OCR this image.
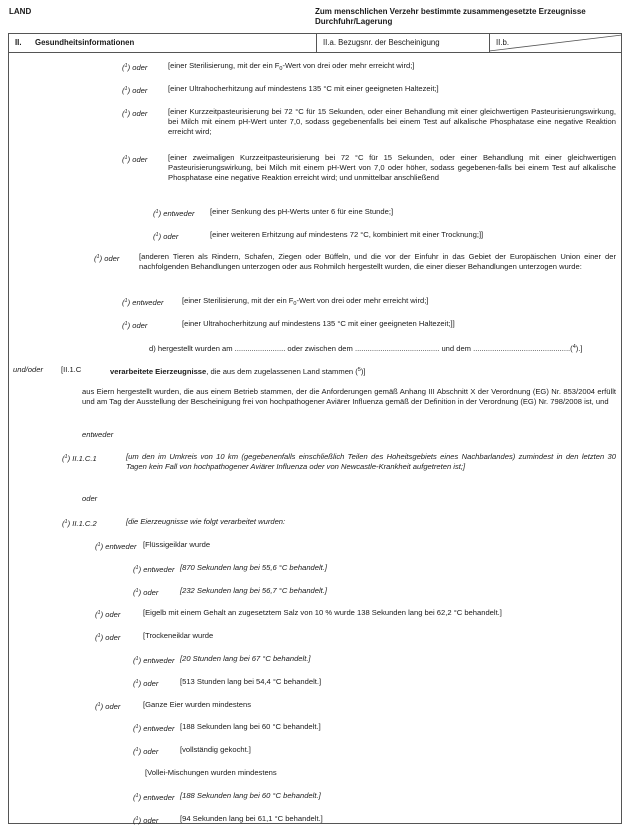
LAND	Zum menschlichen Verzehr bestimmte zusammengesetzte Erzeugnisse
Durchfuhr/Lagerung
II. Gesundheitsinformationen	II.a. Bezugsnr. der Bescheinigung	II.b.
($^1$) oder	[einer Sterilisierung, mit der ein $F_0$-Wert von drei oder mehr erreicht wird;]
($^1$) oder	[einer Ultrahocherhitzung auf mindestens 135 °C mit einer geeigneten Haltezeit;]
($^1$) oder	[einer Kurzzeitpasteurisierung bei 72 °C für 15 Sekunden, oder einer Behandlung mit einer gleichwertigen Pasteurisierungswirkung, bei Milch mit einem pH-Wert unter 7,0, sodass gegebenenfalls bei einem Test auf alkalische Phosphatase eine negative Reaktion erreicht wird;
($^1$) oder	[einer zweimaligen Kurzzeitpasteurisierung bei 72 °C für 15 Sekunden, oder einer Behandlung mit einer gleichwertigen Pasteurisierungswirkung, bei Milch mit einem pH-Wert von 7,0 oder höher, sodass gegebenen-falls bei einem Test auf alkalische Phosphatase eine negative Reaktion erreicht wird; und unmittelbar anschließend
($^1$) entweder [einer Senkung des pH-Werts unter 6 für eine Stunde;]
($^1$) oder	[einer weiteren Erhitzung auf mindestens 72 °C, kombiniert mit einer Trocknung;]]
($^1$) oder	[anderen Tieren als Rindern, Schafen, Ziegen oder Büffeln, und die vor der Einfuhr in das Gebiet der Europäischen Union einer der nachfolgenden Behandlungen unterzogen oder aus Rohmilch hergestellt wurden, die einer dieser Behandlungen unterzogen wurde:
($^1$) entweder [einer Sterilisierung, mit der ein $F_0$-Wert von drei oder mehr erreicht wird;]
($^1$) oder	[einer Ultrahocherhitzung auf mindestens 135 °C mit einer geeigneten Haltezeit;]]
d) hergestellt wurden am ........................ oder zwischen dem ........................................ und dem ..............................................($^4$).]
und/oder [II.1.C	verarbeitete Eierzeugnisse, die aus dem zugelassenen Land stammen ($^5$)]
aus Eiern hergestellt wurden, die aus einem Betrieb stammen, der die Anforderungen gemäß Anhang III Abschnitt X der Verordnung (EG) Nr. 853/2004 erfüllt und am Tag der Ausstellung der Bescheinigung frei von hochpathogener Aviärer Influenza gemäß der Definition in der Verordnung (EG) Nr. 798/2008 ist, und
entweder
($^1$) II.1.C.1	[um den im Umkreis von 10 km (gegebenenfalls einschließlich Teilen des Hoheitsgebiets eines Nachbarlandes) zumindest in den letzten 30 Tagen kein Fall von hochpathogener Aviärer Influenza oder von Newcastle-Krankheit aufgetreten ist;]
oder
($^1$) II.1.C.2	[die Eierzeugnisse wie folgt verarbeitet wurden:
($^1$) entweder [Flüssigeiklar wurde
($^1$) entweder [870 Sekunden lang bei 55,6 °C behandelt.]
($^1$) oder	[232 Sekunden lang bei 56,7 °C behandelt.]
($^1$) oder	[Eigelb mit einem Gehalt an zugesetztem Salz von 10 % wurde 138 Sekunden lang bei 62,2 °C behandelt.]
($^1$) oder	[Trockeneiklar wurde
($^1$) entweder [20 Stunden lang bei 67 °C behandelt.]
($^1$) oder	[513 Stunden lang bei 54,4 °C behandelt.]
($^1$) oder	[Ganze Eier wurden mindestens
($^1$) entweder [188 Sekunden lang bei 60 °C behandelt.]
($^1$) oder	[vollständig gekocht.]
[Vollei-Mischungen wurden mindestens
($^1$) entweder [188 Sekunden lang bei 60 °C behandelt.]
($^1$) oder	[94 Sekunden lang bei 61,1 °C behandelt.]
